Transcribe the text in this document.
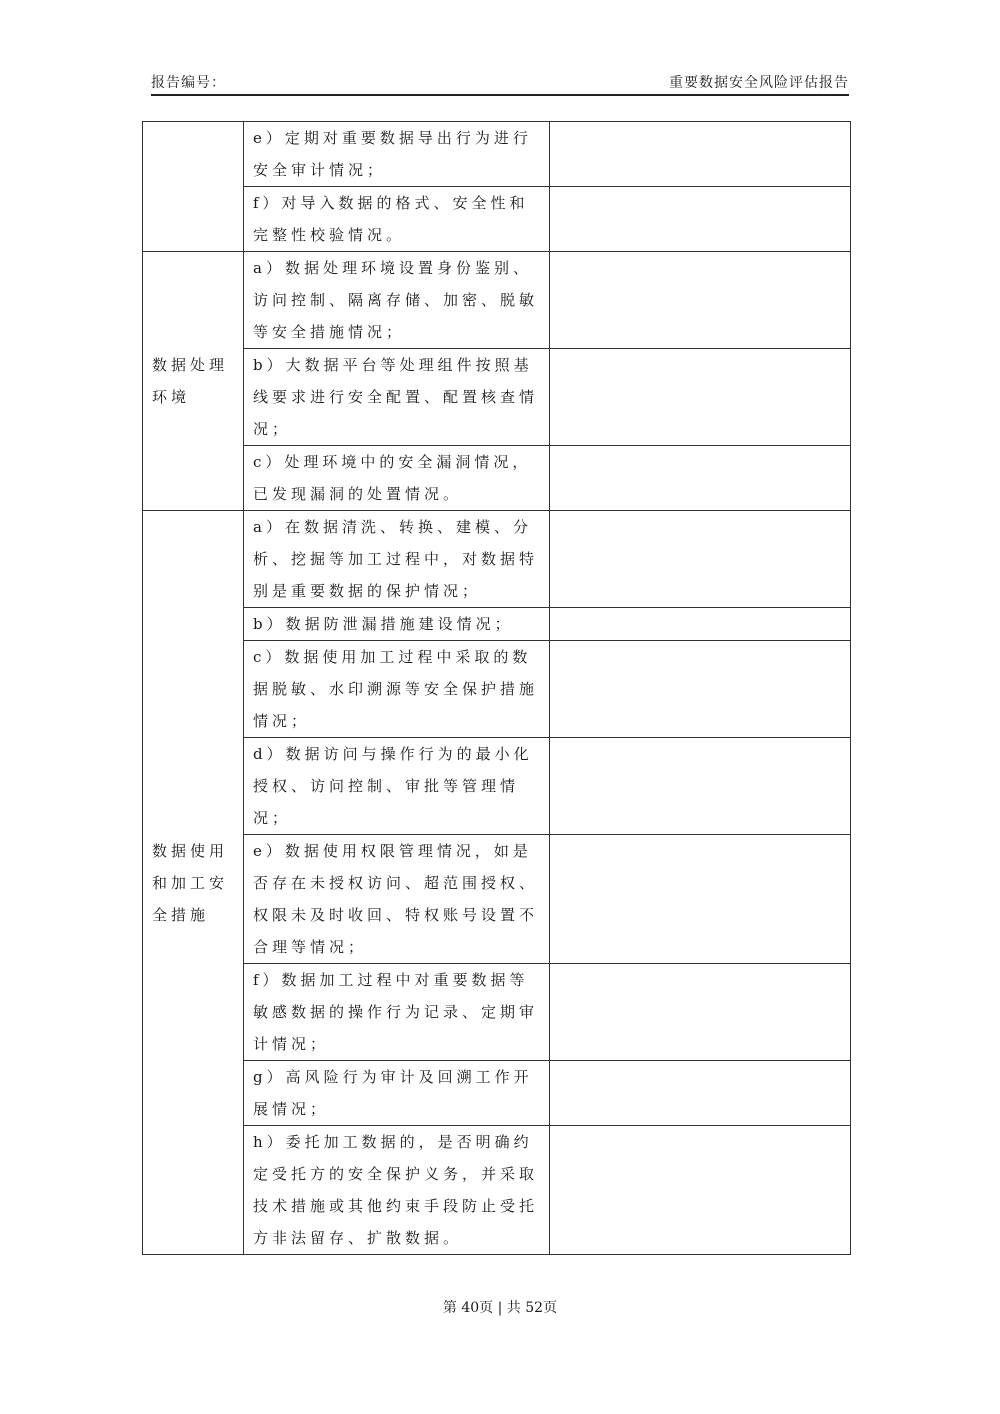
报告编号：	重要数据安全风险评估报告
	e）定期对重要数据导出行为进行安全审计情况；	
	f）对导入数据的格式、安全性和完整性校验情况。	
数据处理环境	a）数据处理环境设置身份鉴别、访问控制、隔离存储、加密、脱敏等安全措施情况；	
	b）大数据平台等处理组件按照基线要求进行安全配置、配置核查情况；	
	c）处理环境中的安全漏洞情况，已发现漏洞的处置情况。	
数据使用和加工安全措施	a）在数据清洗、转换、建模、分析、挖掘等加工过程中，对数据特别是重要数据的保护情况；	
	b）数据防泄漏措施建设情况；	
	c）数据使用加工过程中采取的数据脱敏、水印溯源等安全保护措施情况；	
	d）数据访问与操作行为的最小化授权、访问控制、审批等管理情况；	
	e）数据使用权限管理情况，如是否存在未授权访问、超范围授权、权限未及时收回、特权账号设置不合理等情况；	
	f）数据加工过程中对重要数据等敏感数据的操作行为记录、定期审计情况；	
	g）高风险行为审计及回溯工作开展情况；	
	h）委托加工数据的，是否明确约定受托方的安全保护义务，并采取技术措施或其他约束手段防止受托方非法留存、扩散数据。	
第 40页 | 共 52页
